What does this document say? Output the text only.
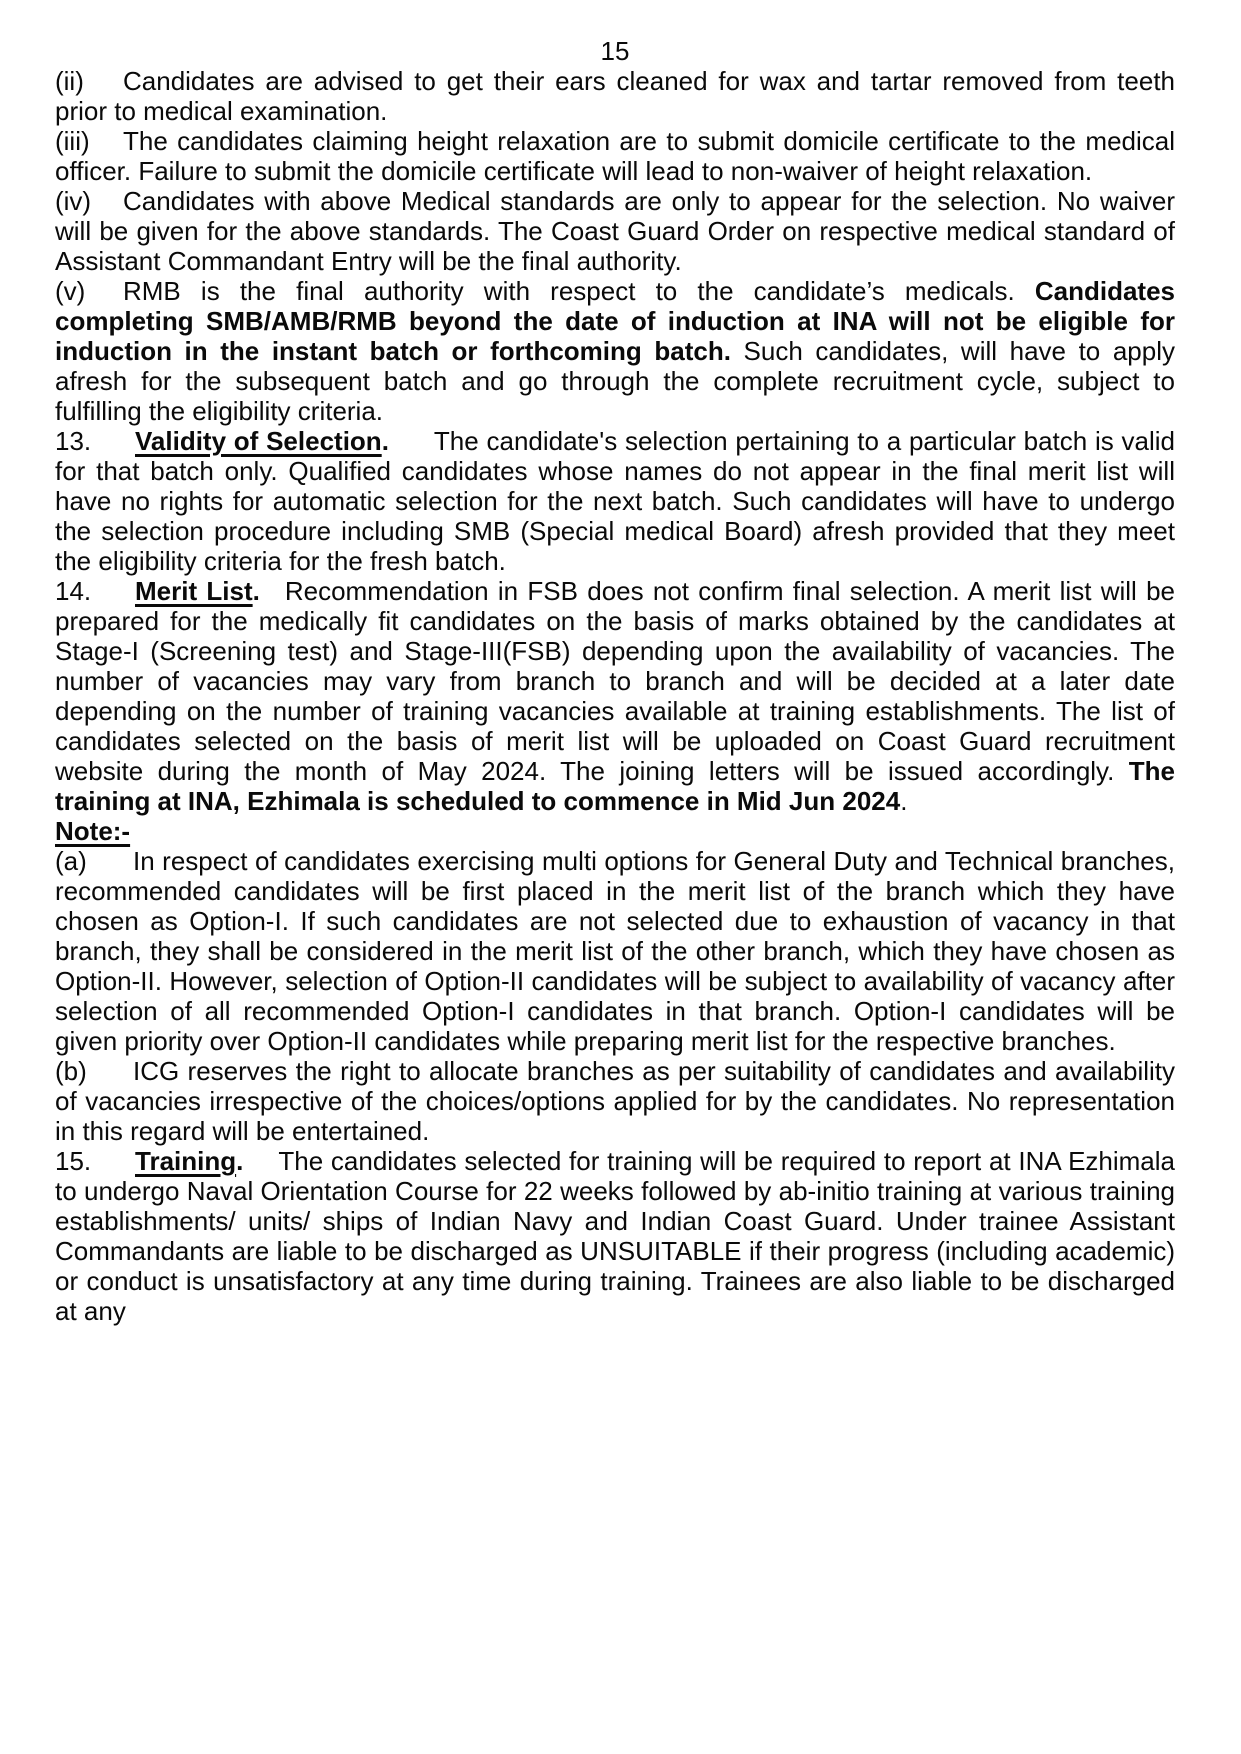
15

(ii) Candidates are advised to get their ears cleaned for wax and tartar removed from teeth prior to medical examination.

(iii) The candidates claiming height relaxation are to submit domicile certificate to the medical officer. Failure to submit the domicile certificate will lead to non-waiver of height relaxation.

(iv) Candidates with above Medical standards are only to appear for the selection. No waiver will be given for the above standards. The Coast Guard Order on respective medical standard of Assistant Commandant Entry will be the final authority.

(v) RMB is the final authority with respect to the candidate’s medicals. Candidates completing SMB/AMB/RMB beyond the date of induction at INA will not be eligible for induction in the instant batch or forthcoming batch. Such candidates, will have to apply afresh for the subsequent batch and go through the complete recruitment cycle, subject to fulfilling the eligibility criteria.

13. Validity of Selection. The candidate's selection pertaining to a particular batch is valid for that batch only. Qualified candidates whose names do not appear in the final merit list will have no rights for automatic selection for the next batch. Such candidates will have to undergo the selection procedure including SMB (Special medical Board) afresh provided that they meet the eligibility criteria for the fresh batch.

14. Merit List. Recommendation in FSB does not confirm final selection. A merit list will be prepared for the medically fit candidates on the basis of marks obtained by the candidates at Stage-I (Screening test) and Stage-III(FSB) depending upon the availability of vacancies. The number of vacancies may vary from branch to branch and will be decided at a later date depending on the number of training vacancies available at training establishments. The list of candidates selected on the basis of merit list will be uploaded on Coast Guard recruitment website during the month of May 2024. The joining letters will be issued accordingly. The training at INA, Ezhimala is scheduled to commence in Mid Jun 2024.

Note:-

(a) In respect of candidates exercising multi options for General Duty and Technical branches, recommended candidates will be first placed in the merit list of the branch which they have chosen as Option-I. If such candidates are not selected due to exhaustion of vacancy in that branch, they shall be considered in the merit list of the other branch, which they have chosen as Option-II. However, selection of Option-II candidates will be subject to availability of vacancy after selection of all recommended Option-I candidates in that branch. Option-I candidates will be given priority over Option-II candidates while preparing merit list for the respective branches.

(b) ICG reserves the right to allocate branches as per suitability of candidates and availability of vacancies irrespective of the choices/options applied for by the candidates. No representation in this regard will be entertained.

15. Training. The candidates selected for training will be required to report at INA Ezhimala to undergo Naval Orientation Course for 22 weeks followed by ab-initio training at various training establishments/ units/ ships of Indian Navy and Indian Coast Guard. Under trainee Assistant Commandants are liable to be discharged as UNSUITABLE if their progress (including academic) or conduct is unsatisfactory at any time during training. Trainees are also liable to be discharged at any
